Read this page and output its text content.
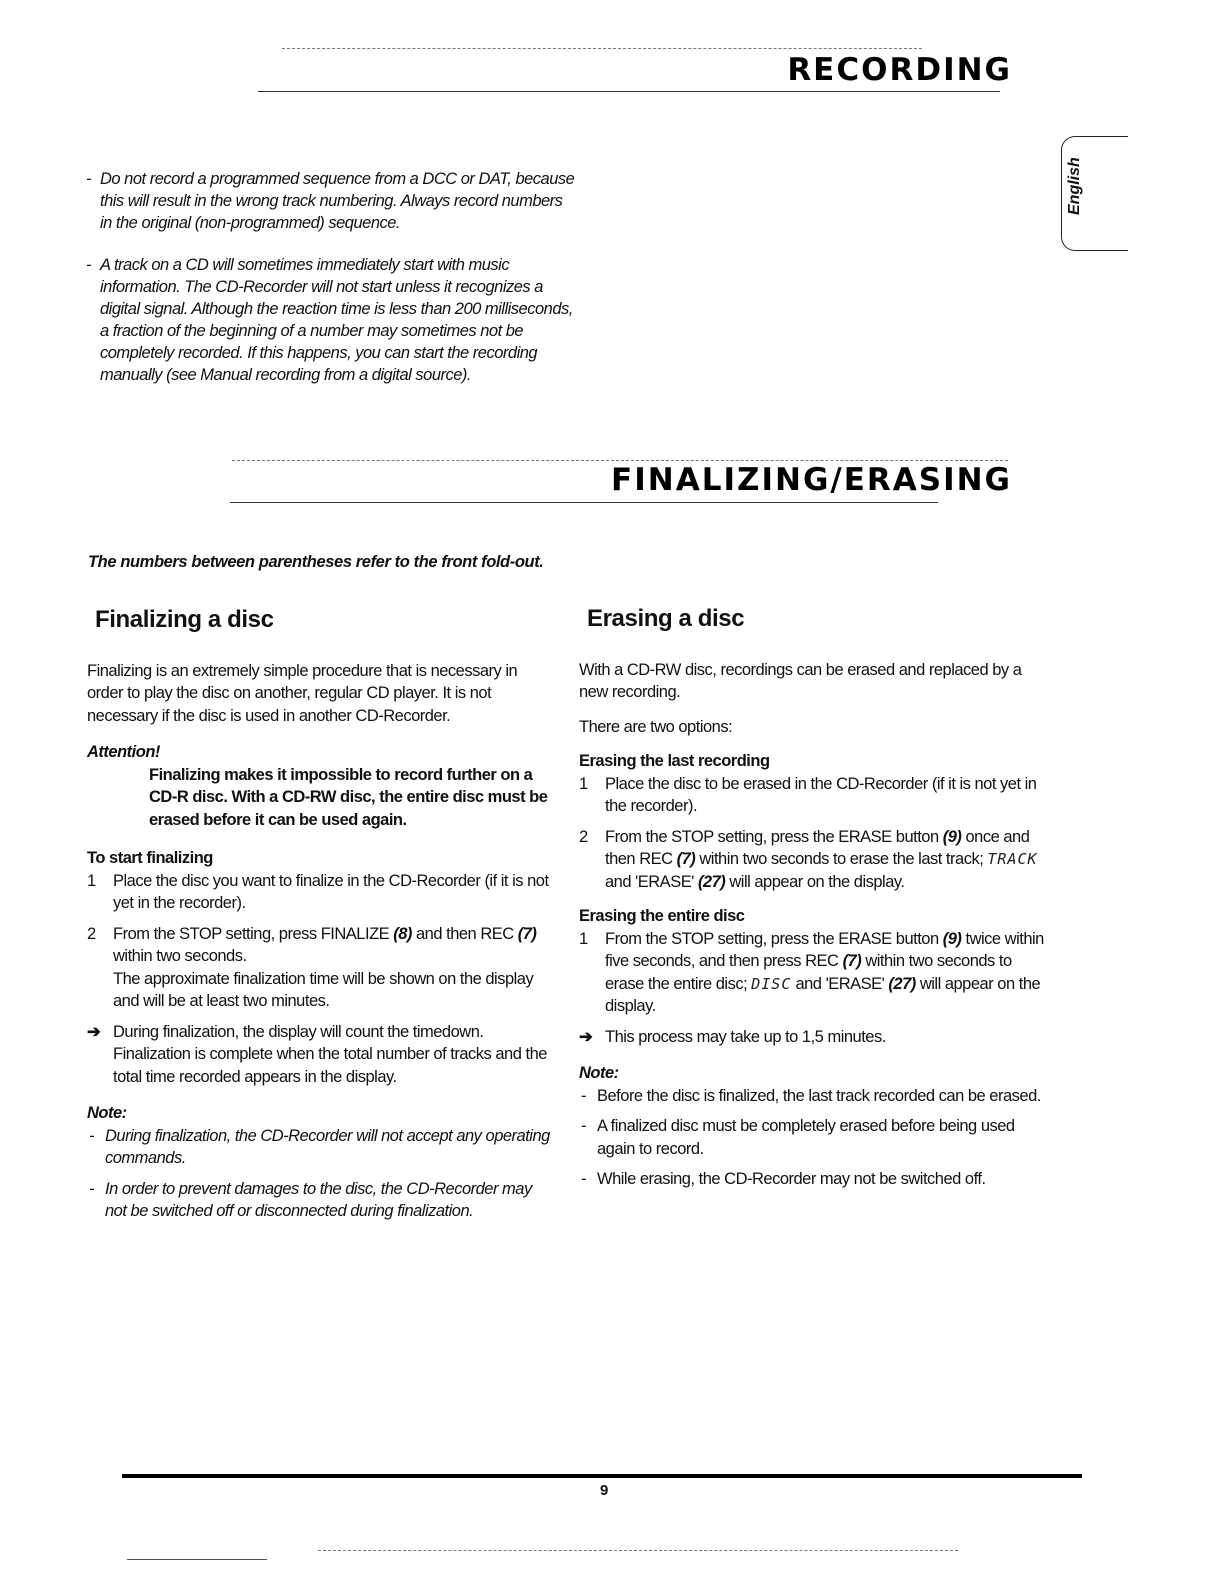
RECORDING
English

- Do not record a programmed sequence from a DCC or DAT, because this will result in the wrong track numbering. Always record numbers in the original (non-programmed) sequence.

- A track on a CD will sometimes immediately start with music information. The CD-Recorder will not start unless it recognizes a digital signal. Although the reaction time is less than 200 milliseconds, a fraction of the beginning of a number may sometimes not be completely recorded. If this happens, you can start the recording manually (see Manual recording from a digital source).

FINALIZING/ERASING
The numbers between parentheses refer to the front fold-out.
Finalizing a disc
Finalizing is an extremely simple procedure that is necessary in order to play the disc on another, regular CD player. It is not necessary if the disc is used in another CD-Recorder.
Attention!
Finalizing makes it impossible to record further on a CD-R disc. With a CD-RW disc, the entire disc must be erased before it can be used again.
To start finalizing
1 Place the disc you want to finalize in the CD-Recorder (if it is not yet in the recorder).
2 From the STOP setting, press FINALIZE (8) and then REC (7) within two seconds.
The approximate finalization time will be shown on the display and will be at least two minutes.
➔ During finalization, the display will count the timedown. Finalization is complete when the total number of tracks and the total time recorded appears in the display.
Note:
- During finalization, the CD-Recorder will not accept any operating commands.
- In order to prevent damages to the disc, the CD-Recorder may not be switched off or disconnected during finalization.
Erasing a disc
With a CD-RW disc, recordings can be erased and replaced by a new recording.
There are two options:
Erasing the last recording
1 Place the disc to be erased in the CD-Recorder (if it is not yet in the recorder).
2 From the STOP setting, press the ERASE button (9) once and then REC (7) within two seconds to erase the last track; TRACK and 'ERASE' (27) will appear on the display.
Erasing the entire disc
1 From the STOP setting, press the ERASE button (9) twice within five seconds, and then press REC (7) within two seconds to erase the entire disc; DISC and 'ERASE' (27) will appear on the display.
➔ This process may take up to 1,5 minutes.
Note:
- Before the disc is finalized, the last track recorded can be erased.
- A finalized disc must be completely erased before being used again to record.
- While erasing, the CD-Recorder may not be switched off.
9
